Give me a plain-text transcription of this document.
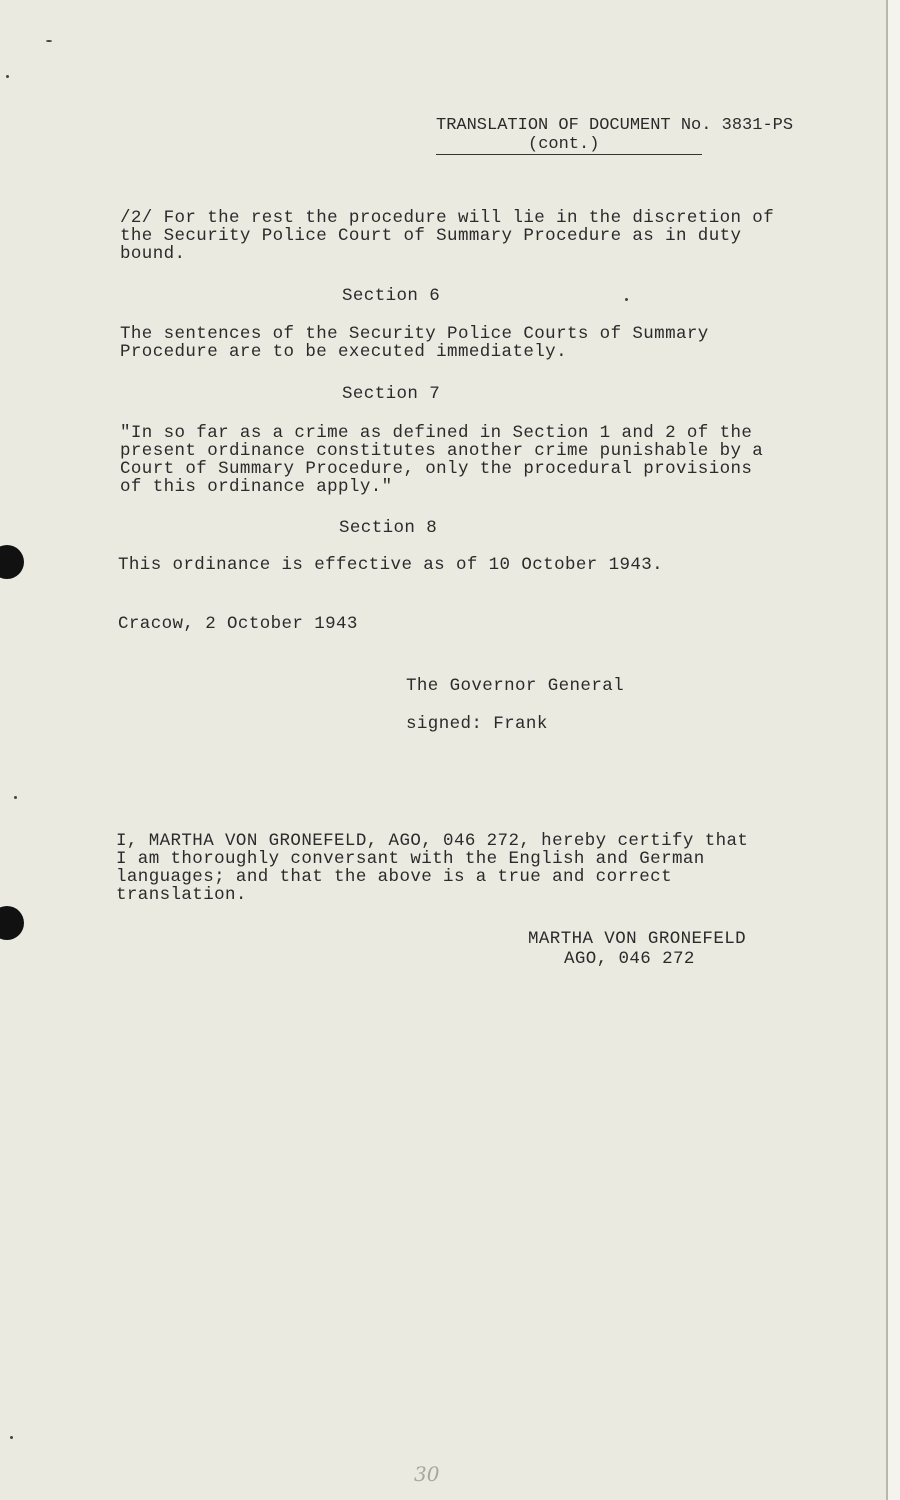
TRANSLATION OF DOCUMENT No. 3831-PS
(cont.)

/2/ For the rest the procedure will lie in the discretion of
the Security Police Court of Summary Procedure as in duty
bound.

Section 6

The sentences of the Security Police Courts of Summary
Procedure are to be executed immediately.

Section 7

"In so far as a crime as defined in Section 1 and 2 of the
present ordinance constitutes another crime punishable by a
Court of Summary Procedure, only the procedural provisions
of this ordinance apply."

Section 8

This ordinance is effective as of 10 October 1943.

Cracow, 2 October 1943

The Governor General

signed: Frank

I, MARTHA VON GRONEFELD, AGO, 046 272, hereby certify that
I am thoroughly conversant with the English and German
languages; and that the above is a true and correct
translation.

MARTHA VON GRONEFELD

AGO, 046 272

30
